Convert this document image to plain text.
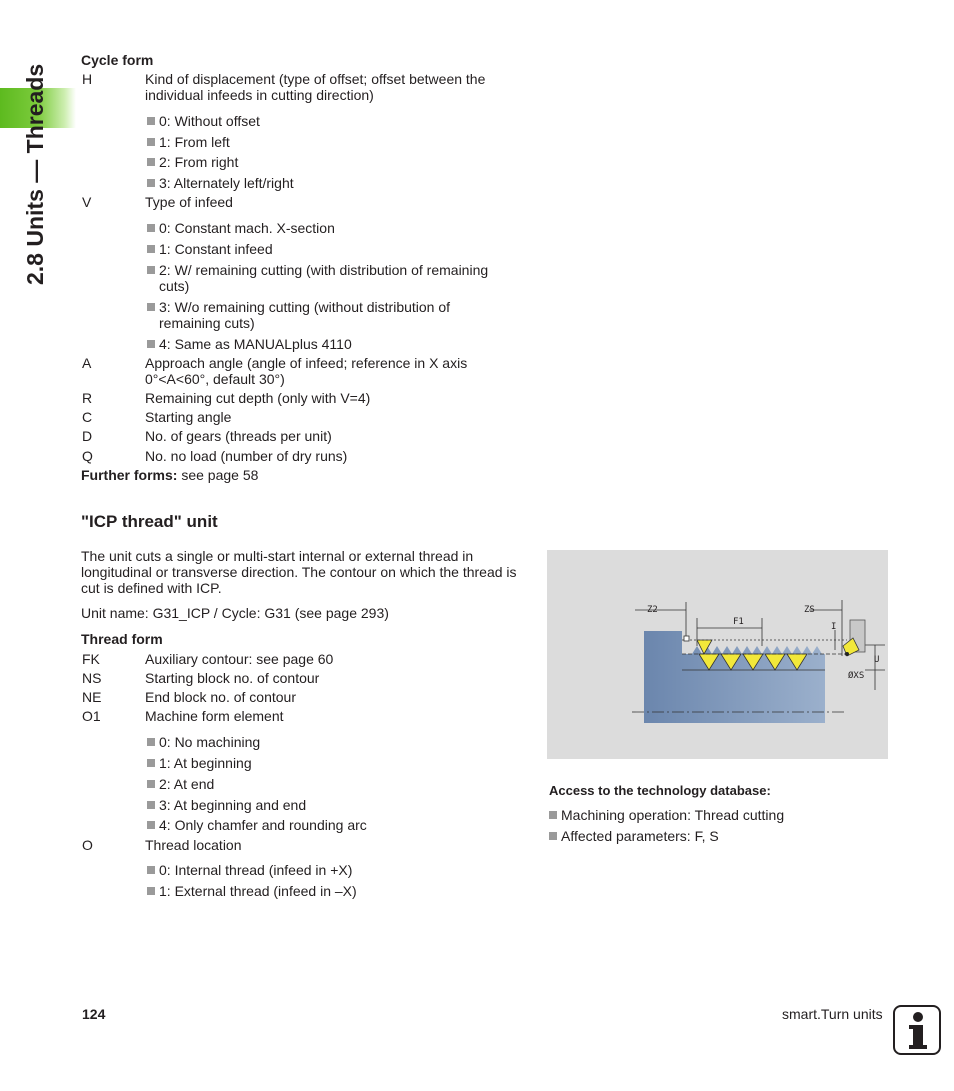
2.8 Units — Threads
Cycle form
H	Kind of displacement (type of offset; offset between the individual infeeds in cutting direction)
0: Without offset
1: From left
2: From right
3: Alternately left/right
V	Type of infeed
0: Constant mach. X-section
1: Constant infeed
2: W/ remaining cutting (with distribution of remaining cuts)
3: W/o remaining cutting (without distribution of remaining cuts)
4: Same as MANUALplus 4110
A	Approach angle (angle of infeed; reference in X axis 0°<A<60°, default 30°)
R	Remaining cut depth (only with V=4)
C	Starting angle
D	No. of gears (threads per unit)
Q	No. no load (number of dry runs)
Further forms: see page 58
"ICP thread" unit
The unit cuts a single or multi-start internal or external thread in longitudinal or transverse direction. The contour on which the thread is cut is defined with ICP.
Unit name: G31_ICP / Cycle: G31 (see page 293)
Thread form
FK	Auxiliary contour: see page 60
NS	Starting block no. of contour
NE	End block no. of contour
O1	Machine form element
0: No machining
1: At beginning
2: At end
3: At beginning and end
4: Only chamfer and rounding arc
O	Thread location
0: Internal thread (infeed in +X)
1: External thread (infeed in –X)
Z2	ZS
F1	I
U
ØXS
Access to the technology database:
Machining operation: Thread cutting
Affected parameters: F, S
124	smart.Turn units
